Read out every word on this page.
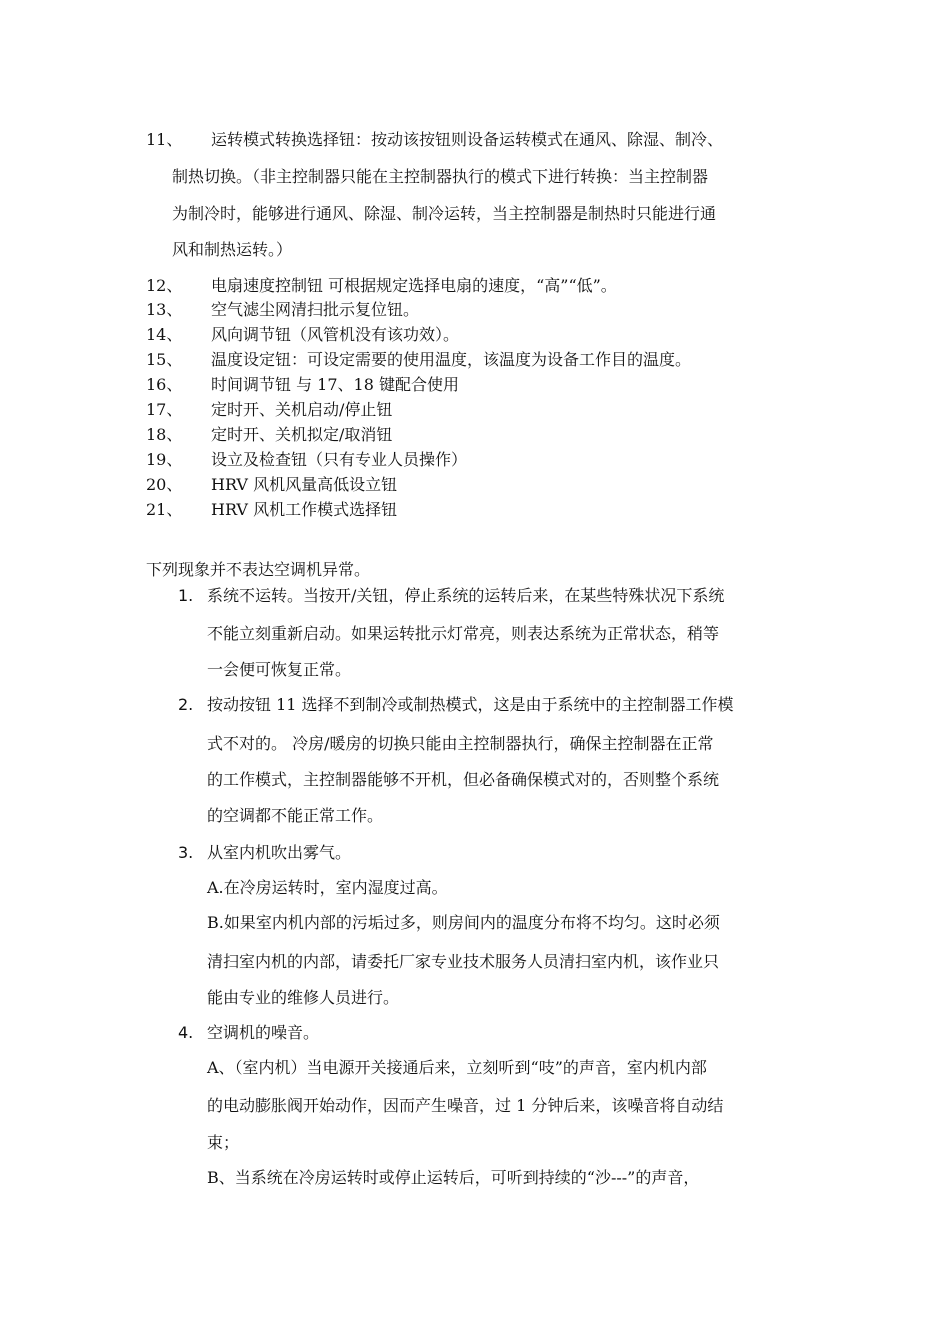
11、 运转模式转换选择钮：按动该按钮则设备运转模式在通风、除湿、制冷、
制热切换。（非主控制器只能在主控制器执行的模式下进行转换：当主控制器
为制冷时，能够进行通风、除湿、制冷运转，当主控制器是制热时只能进行通
风和制热运转。）
12、 电扇速度控制钮 可根据规定选择电扇的速度，“高”“低”。
13、 空气滤尘网清扫批示复位钮。
14、 风向调节钮（风管机没有该功效）。
15、 温度设定钮：可设定需要的使用温度，该温度为设备工作目的温度。
16、 时间调节钮 与 17、18 键配合使用
17、 定时开、关机启动/停止钮
18、 定时开、关机拟定/取消钮
19、 设立及检查钮（只有专业人员操作）
20、 HRV 风机风量高低设立钮
21、 HRV 风机工作模式选择钮
下列现象并不表达空调机异常。
1. 系统不运转。当按开/关钮，停止系统的运转后来，在某些特殊状况下系统
不能立刻重新启动。如果运转批示灯常亮，则表达系统为正常状态，稍等
一会便可恢复正常。
2. 按动按钮 11 选择不到制冷或制热模式，这是由于系统中的主控制器工作模
式不对的。 冷房/暖房的切换只能由主控制器执行，确保主控制器在正常
的工作模式，主控制器能够不开机，但必备确保模式对的，否则整个系统
的空调都不能正常工作。
3. 从室内机吹出雾气。
A.在冷房运转时，室内湿度过高。
B.如果室内机内部的污垢过多，则房间内的温度分布将不均匀。这时必须
清扫室内机的内部，请委托厂家专业技术服务人员清扫室内机，该作业只
能由专业的维修人员进行。
4. 空调机的噪音。
A、（室内机）当电源开关接通后来，立刻听到“吱”的声音，室内机内部
的电动膨胀阀开始动作，因而产生噪音，过 1 分钟后来，该噪音将自动结
束；
B、当系统在冷房运转时或停止运转后，可听到持续的“沙---”的声音，
